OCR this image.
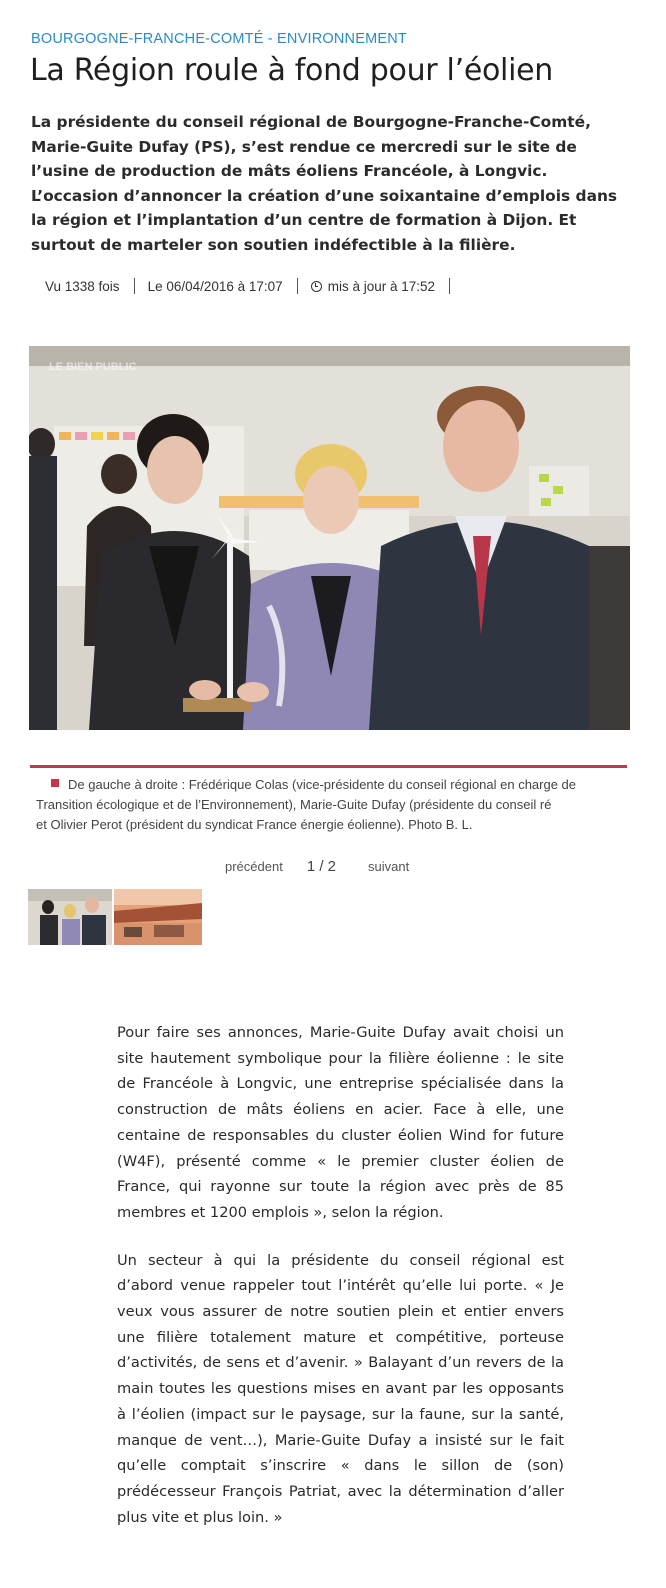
BOURGOGNE-FRANCHE-COMTÉ - ENVIRONNEMENT
La Région roule à fond pour l’éolien

La présidente du conseil régional de Bourgogne-Franche-Comté, Marie-Guite Dufay (PS), s’est rendue ce mercredi sur le site de l’usine de production de mâts éoliens Francéole, à Longvic. L’occasion d’annoncer la création d’une soixantaine d’emplois dans la région et l’implantation d’un centre de formation à Dijon. Et surtout de marteler son soutien indéfectible à la filière.

Vu 1338 fois Le 06/04/2016 à 17:07	mis à jour à 17:52
LE BIEN PUBLIC

De gauche à droite : Frédérique Colas (vice-présidente du conseil régional en charge de
Transition écologique et de l’Environnement), Marie-Guite Dufay (présidente du conseil ré
et Olivier Perot (président du syndicat France énergie éolienne). Photo B. L.

précédent 1 / 2 suivant

Pour faire ses annonces, Marie-Guite Dufay avait choisi un site hautement symbolique pour la filière éolienne : le site de Francéole à Longvic, une entreprise spécialisée dans la construction de mâts éoliens en acier. Face à elle, une centaine de responsables du cluster éolien Wind for future (W4F), présenté comme « le premier cluster éolien de France, qui rayonne sur toute la région avec près de 85 membres et 1200 emplois », selon la région.

Un secteur à qui la présidente du conseil régional est d’abord venue rappeler tout l’intérêt qu’elle lui porte. « Je veux vous assurer de notre soutien plein et entier envers une filière totalement mature et compétitive, porteuse d’activités, de sens et d’avenir. » Balayant d’un revers de la main toutes les questions mises en avant par les opposants à l’éolien (impact sur le paysage, sur la faune, sur la santé, manque de vent…), Marie-Guite Dufay a insisté sur le fait qu’elle comptait s’inscrire « dans le sillon de (son) prédécesseur François Patriat, avec la détermination d’aller plus vite et plus loin. »
